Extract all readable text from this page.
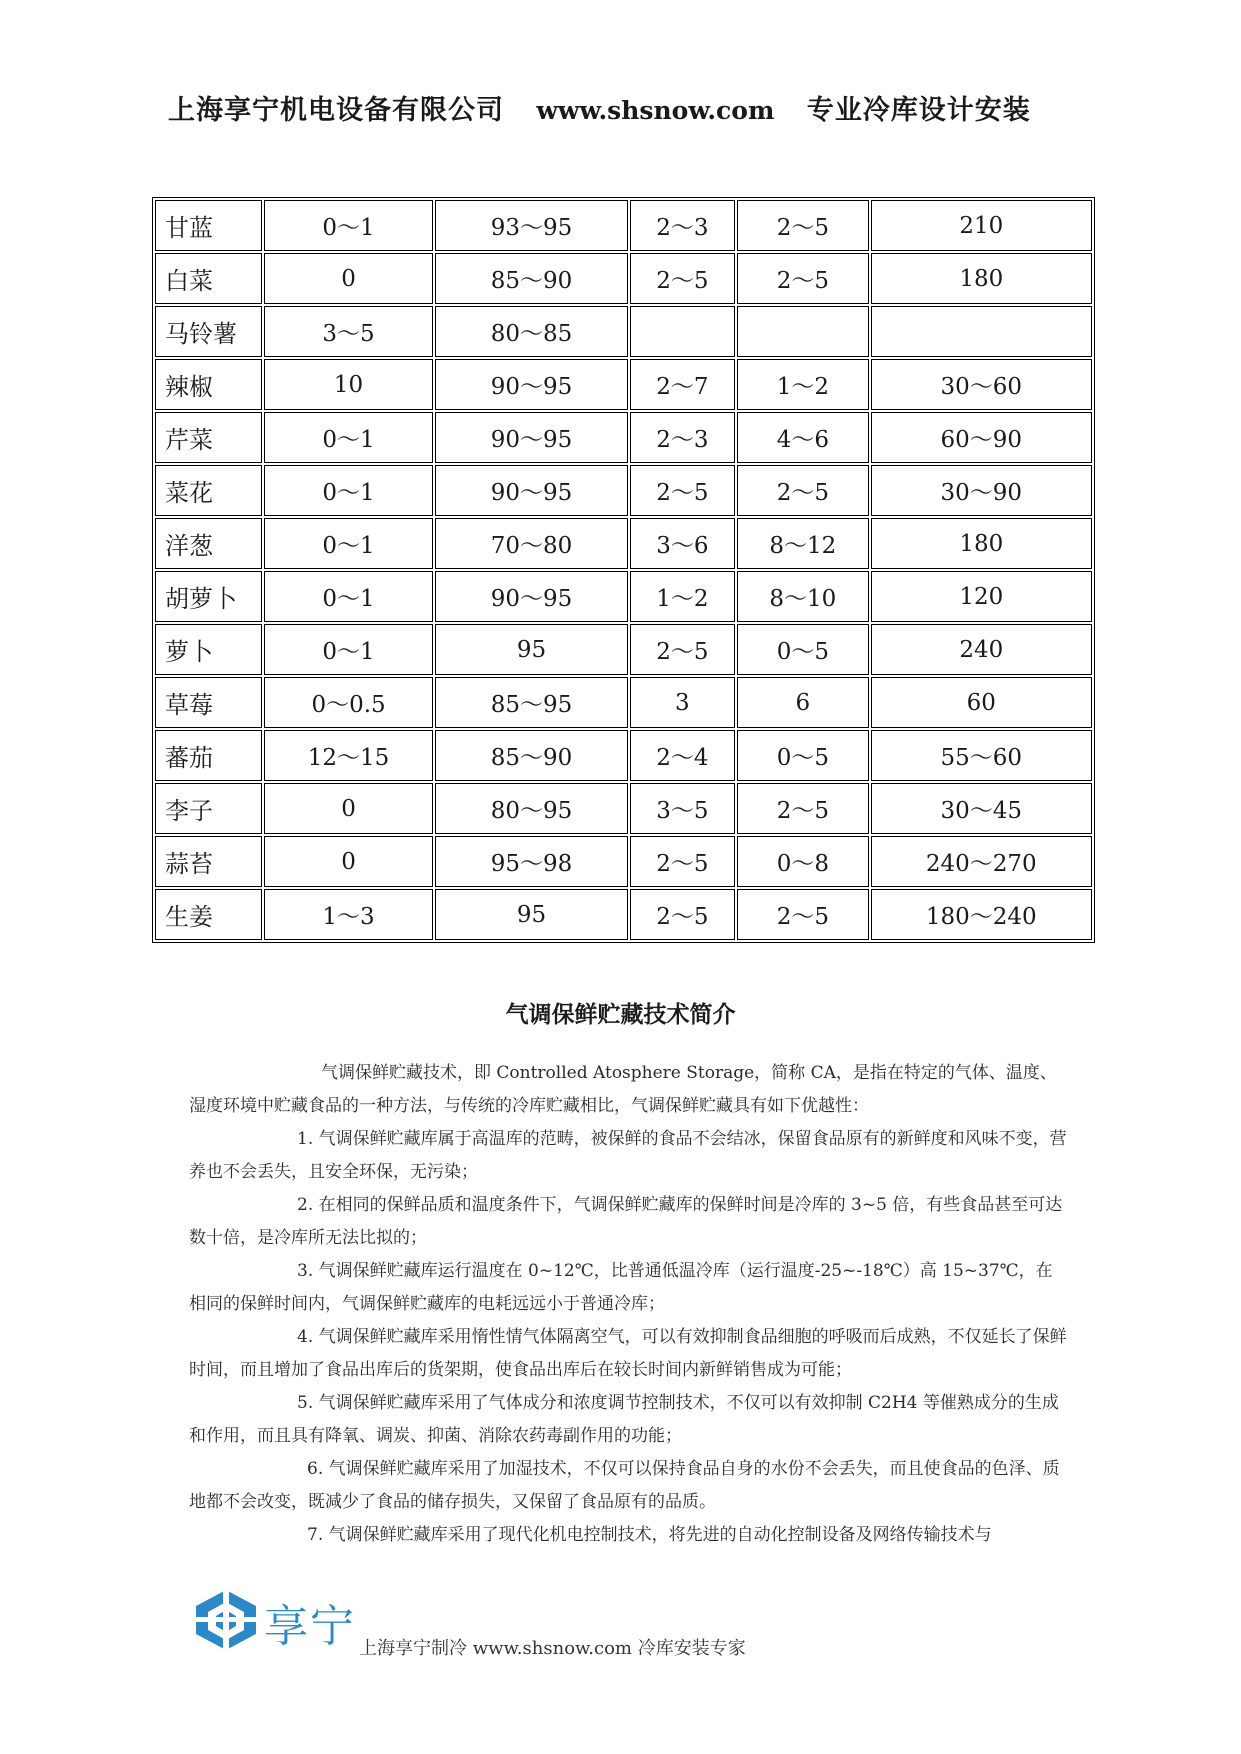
上海享宁机电设备有限公司 www.shsnow.com 专业冷库设计安装
甘蓝	0～1	93～95	2～3	2～5	210
白菜	0	85～90	2～5	2～5	180
马铃薯	3～5	80～85			
辣椒	10	90～95	2～7	1～2	30～60
芹菜	0～1	90～95	2～3	4～6	60～90
菜花	0～1	90～95	2～5	2～5	30～90
洋葱	0～1	70～80	3～6	8～12	180
胡萝卜	0～1	90～95	1～2	8～10	120
萝卜	0～1	95	2～5	0～5	240
草莓	0～0.5	85～95	3	6	60
蕃茄	12～15	85～90	2～4	0～5	55～60
李子	0	80～95	3～5	2～5	30～45
蒜苔	0	95～98	2～5	0～8	240～270
生姜	1～3	95	2～5	2～5	180～240
气调保鲜贮藏技术简介

气调保鲜贮藏技术，即 Controlled Atosphere Storage，简称 CA，是指在特定的气体、温度、湿度环境中贮藏食品的一种方法，与传统的冷库贮藏相比，气调保鲜贮藏具有如下优越性：

1. 气调保鲜贮藏库属于高温库的范畴，被保鲜的食品不会结冰，保留食品原有的新鲜度和风味不变，营养也不会丢失，且安全环保，无污染；

2. 在相同的保鲜品质和温度条件下，气调保鲜贮藏库的保鲜时间是冷库的 3~5 倍，有些食品甚至可达数十倍，是冷库所无法比拟的；

3. 气调保鲜贮藏库运行温度在 0~12℃，比普通低温冷库（运行温度-25~-18℃）高 15~37℃，在相同的保鲜时间内，气调保鲜贮藏库的电耗远远小于普通冷库；

4. 气调保鲜贮藏库采用惰性情气体隔离空气，可以有效抑制食品细胞的呼吸而后成熟，不仅延长了保鲜时间，而且增加了食品出库后的货架期，使食品出库后在较长时间内新鲜销售成为可能；

5. 气调保鲜贮藏库采用了气体成分和浓度调节控制技术，不仅可以有效抑制 C2H4 等催熟成分的生成和作用，而且具有降氧、调炭、抑菌、消除农药毒副作用的功能；

6. 气调保鲜贮藏库采用了加湿技术，不仅可以保持食品自身的水份不会丢失，而且使食品的色泽、质地都不会改变，既减少了食品的储存损失，又保留了食品原有的品质。

7. 气调保鲜贮藏库采用了现代化机电控制技术，将先进的自动化控制设备及网络传输技术与

享宁 上海享宁制冷 www.shsnow.com 冷库安装专家
